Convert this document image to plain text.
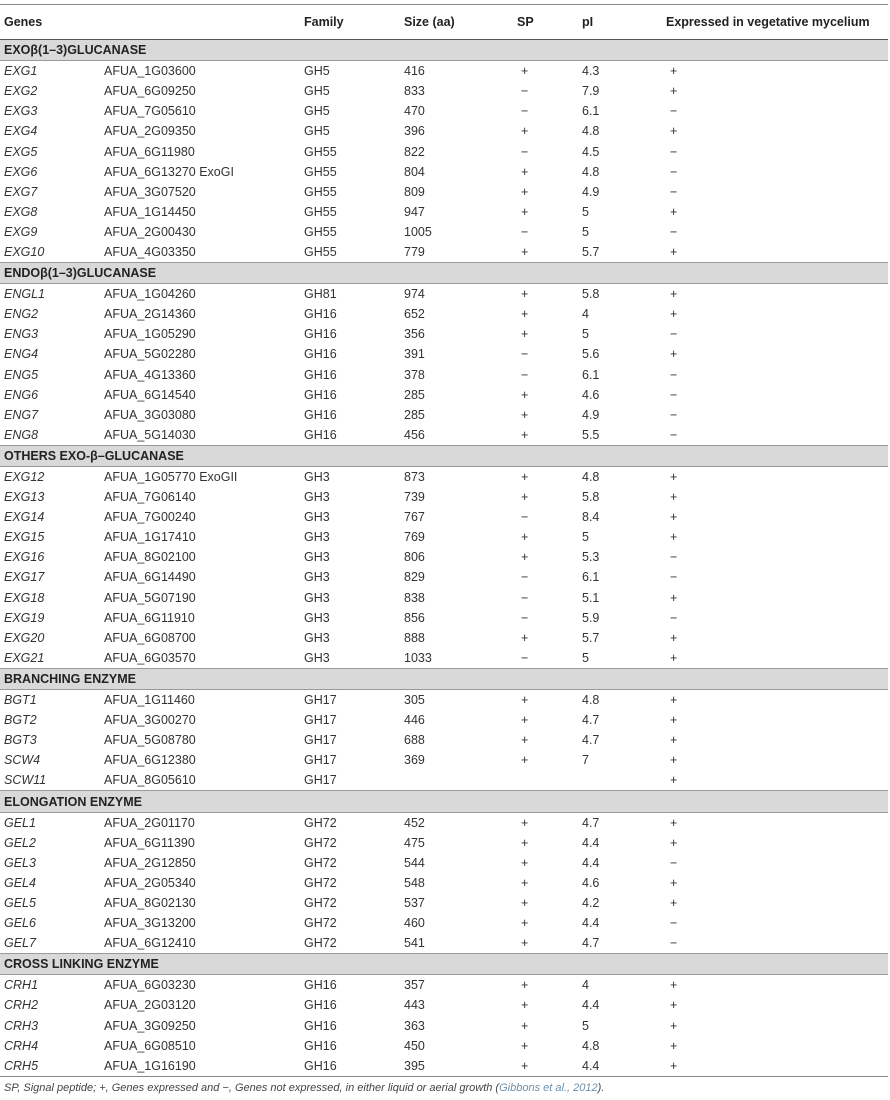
Genes		Family	Size (aa)	SP	pI	Expressed in vegetative mycelium
EXOβ(1–3)GLUCANASE						
EXG1	AFUA_1G03600	GH5	416	+	4.3	+
EXG2	AFUA_6G09250	GH5	833	−	7.9	+
EXG3	AFUA_7G05610	GH5	470	−	6.1	−
EXG4	AFUA_2G09350	GH5	396	+	4.8	+
EXG5	AFUA_6G11980	GH55	822	−	4.5	−
EXG6	AFUA_6G13270 ExoGI	GH55	804	+	4.8	−
EXG7	AFUA_3G07520	GH55	809	+	4.9	−
EXG8	AFUA_1G14450	GH55	947	+	5	+
EXG9	AFUA_2G00430	GH55	1005	−	5	−
EXG10	AFUA_4G03350	GH55	779	+	5.7	+
ENDOβ(1–3)GLUCANASE						
ENGL1	AFUA_1G04260	GH81	974	+	5.8	+
ENG2	AFUA_2G14360	GH16	652	+	4	+
ENG3	AFUA_1G05290	GH16	356	+	5	−
ENG4	AFUA_5G02280	GH16	391	−	5.6	+
ENG5	AFUA_4G13360	GH16	378	−	6.1	−
ENG6	AFUA_6G14540	GH16	285	+	4.6	−
ENG7	AFUA_3G03080	GH16	285	+	4.9	−
ENG8	AFUA_5G14030	GH16	456	+	5.5	−
OTHERS EXO-β–GLUCANASE						
EXG12	AFUA_1G05770 ExoGII	GH3	873	+	4.8	+
EXG13	AFUA_7G06140	GH3	739	+	5.8	+
EXG14	AFUA_7G00240	GH3	767	−	8.4	+
EXG15	AFUA_1G17410	GH3	769	+	5	+
EXG16	AFUA_8G02100	GH3	806	+	5.3	−
EXG17	AFUA_6G14490	GH3	829	−	6.1	−
EXG18	AFUA_5G07190	GH3	838	−	5.1	+
EXG19	AFUA_6G11910	GH3	856	−	5.9	−
EXG20	AFUA_6G08700	GH3	888	+	5.7	+
EXG21	AFUA_6G03570	GH3	1033	−	5	+
BRANCHING ENZYME						
BGT1	AFUA_1G11460	GH17	305	+	4.8	+
BGT2	AFUA_3G00270	GH17	446	+	4.7	+
BGT3	AFUA_5G08780	GH17	688	+	4.7	+
SCW4	AFUA_6G12380	GH17	369	+	7	+
SCW11	AFUA_8G05610	GH17				+
ELONGATION ENZYME						
GEL1	AFUA_2G01170	GH72	452	+	4.7	+
GEL2	AFUA_6G11390	GH72	475	+	4.4	+
GEL3	AFUA_2G12850	GH72	544	+	4.4	−
GEL4	AFUA_2G05340	GH72	548	+	4.6	+
GEL5	AFUA_8G02130	GH72	537	+	4.2	+
GEL6	AFUA_3G13200	GH72	460	+	4.4	−
GEL7	AFUA_6G12410	GH72	541	+	4.7	−
CROSS LINKING ENZYME						
CRH1	AFUA_6G03230	GH16	357	+	4	+
CRH2	AFUA_2G03120	GH16	443	+	4.4	+
CRH3	AFUA_3G09250	GH16	363	+	5	+
CRH4	AFUA_6G08510	GH16	450	+	4.8	+
CRH5	AFUA_1G16190	GH16	395	+	4.4	+
SP, Signal peptide; +, Genes expressed and −, Genes not expressed, in either liquid or aerial growth (Gibbons et al., 2012).
